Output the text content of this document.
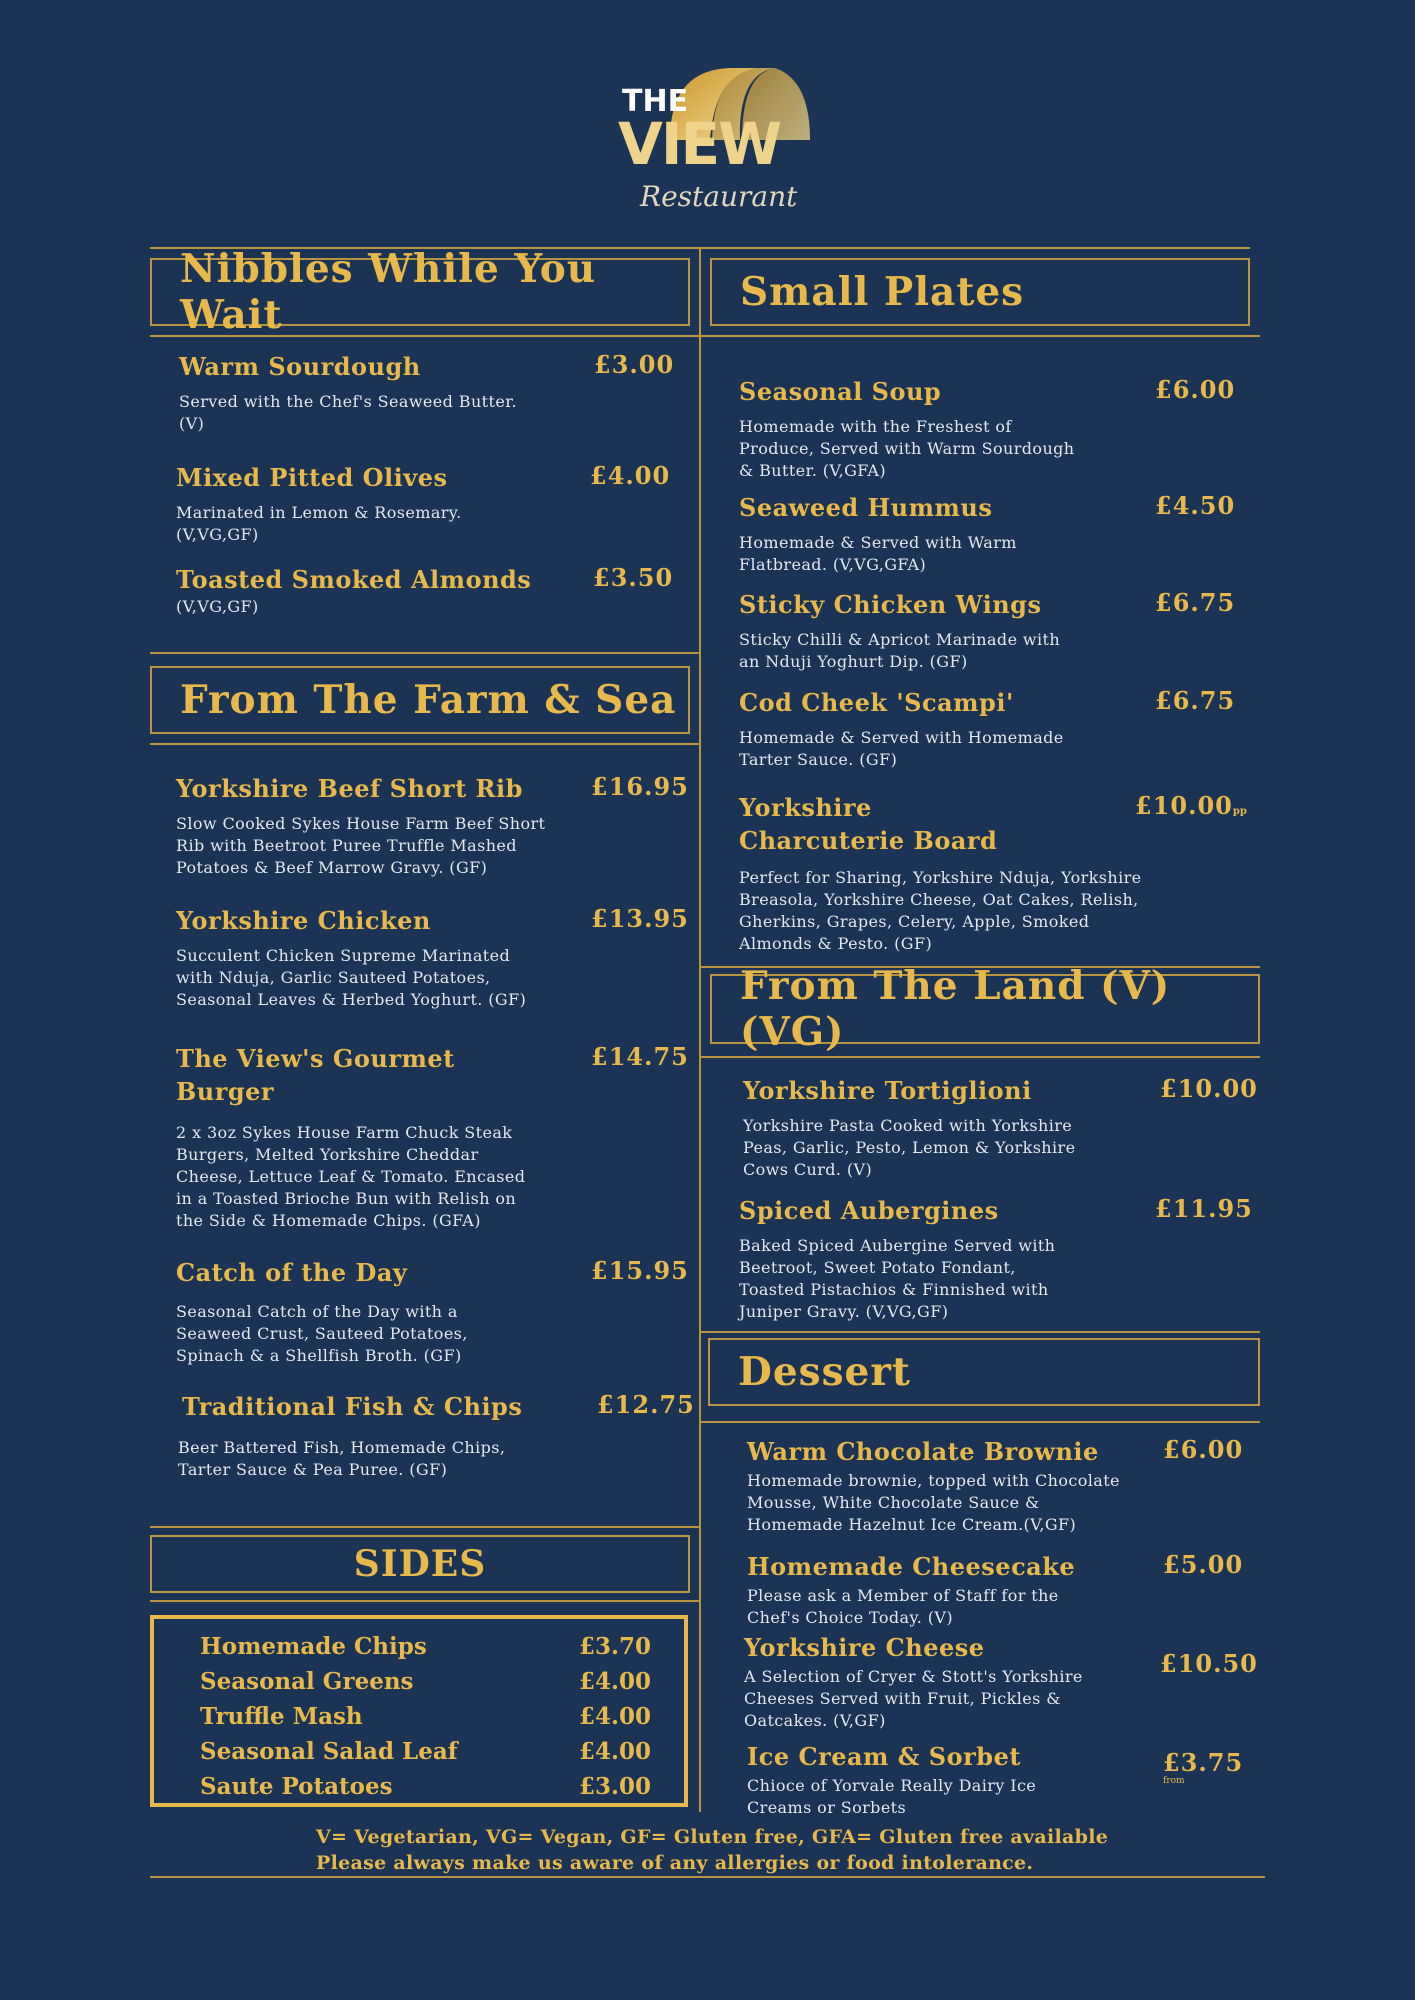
THE
VIEW
Restaurant
Nibbles While You Wait
Warm Sourdough	£3.00
Served with the Chef's Seaweed Butter. (V)
Mixed Pitted Olives	£4.00
Marinated in Lemon & Rosemary. (V,VG,GF)
Toasted Smoked Almonds	£3.50
(V,VG,GF)
From The Farm & Sea
Yorkshire Beef Short Rib	£16.95
Slow Cooked Sykes House Farm Beef Short Rib with Beetroot Puree Truffle Mashed Potatoes & Beef Marrow Gravy. (GF)
Yorkshire Chicken	£13.95
Succulent Chicken Supreme Marinated with Nduja, Garlic Sauteed Potatoes, Seasonal Leaves & Herbed Yoghurt. (GF)
The View's Gourmet Burger
£14.75
2 x 3oz Sykes House Farm Chuck Steak Burgers, Melted Yorkshire Cheddar Cheese, Lettuce Leaf & Tomato. Encased in a Toasted Brioche Bun with Relish on the Side & Homemade Chips. (GFA)
Catch of the Day	£15.95
Seasonal Catch of the Day with a Seaweed Crust, Sauteed Potatoes, Spinach & a Shellfish Broth. (GF)
Traditional Fish & Chips	£12.75
Beer Battered Fish, Homemade Chips, Tarter Sauce & Pea Puree. (GF)
SIDES
Homemade Chips	£3.70
Seasonal Greens	£4.00
Truffle Mash	£4.00
Seasonal Salad Leaf	£4.00
Saute Potatoes	£3.00
Small Plates
Seasonal Soup	£6.00
Homemade with the Freshest of Produce, Served with Warm Sourdough & Butter. (V,GFA)
Seaweed Hummus	£4.50
Homemade & Served with Warm Flatbread. (V,VG,GFA)
Sticky Chicken Wings	£6.75
Sticky Chilli & Apricot Marinade with an Nduji Yoghurt Dip. (GF)
Cod Cheek 'Scampi'	£6.75
Homemade & Served with Homemade Tarter Sauce. (GF)
Yorkshire Charcuterie Board
£10.00pp
Perfect for Sharing, Yorkshire Nduja, Yorkshire Breasola, Yorkshire Cheese, Oat Cakes, Relish, Gherkins, Grapes, Celery, Apple, Smoked Almonds & Pesto. (GF)
From The Land (V)(VG)
Yorkshire Tortiglioni	£10.00
Yorkshire Pasta Cooked with Yorkshire Peas, Garlic, Pesto, Lemon & Yorkshire Cows Curd. (V)
Spiced Aubergines	£11.95
Baked Spiced Aubergine Served with Beetroot, Sweet Potato Fondant, Toasted Pistachios & Finnished with Juniper Gravy. (V,VG,GF)
Dessert
Warm Chocolate Brownie	£6.00
Homemade brownie, topped with Chocolate Mousse, White Chocolate Sauce & Homemade Hazelnut Ice Cream.(V,GF)
Homemade Cheesecake	£5.00
Please ask a Member of Staff for the Chef's Choice Today. (V)
Yorkshire Cheese
£10.50
A Selection of Cryer & Stott's Yorkshire Cheeses Served with Fruit, Pickles & Oatcakes. (V,GF)
Ice Cream & Sorbet	£3.75
from
Chioce of Yorvale Really Dairy Ice Creams or Sorbets
V= Vegetarian, VG= Vegan, GF= Gluten free, GFA= Gluten free available
Please always make us aware of any allergies or food intolerance.
